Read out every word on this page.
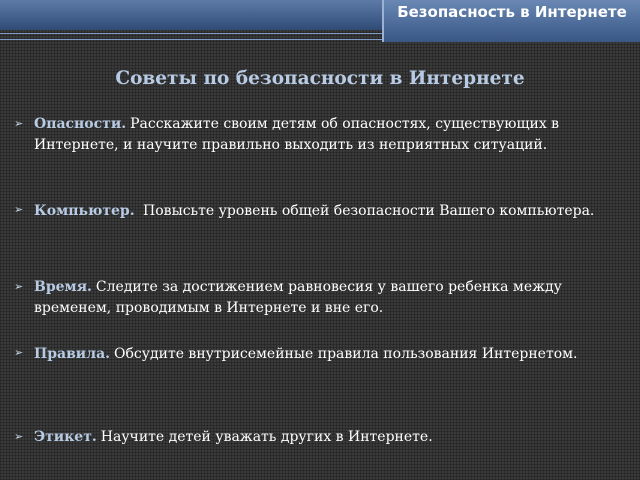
Безопасность в Интернете
Советы по безопасности в Интернете
➢ Опасности. Расскажите своим детям об опасностях, существующих в Интернете, и научите правильно выходить из неприятных ситуаций.
➢ Компьютер. Повысьте уровень общей безопасности Вашего компьютера.
➢ Время. Следите за достижением равновесия у вашего ребенка между временем, проводимым в Интернете и вне его.
➢ Правила. Обсудите внутрисемейные правила пользования Интернетом.
➢ Этикет. Научите детей уважать других в Интернете.
